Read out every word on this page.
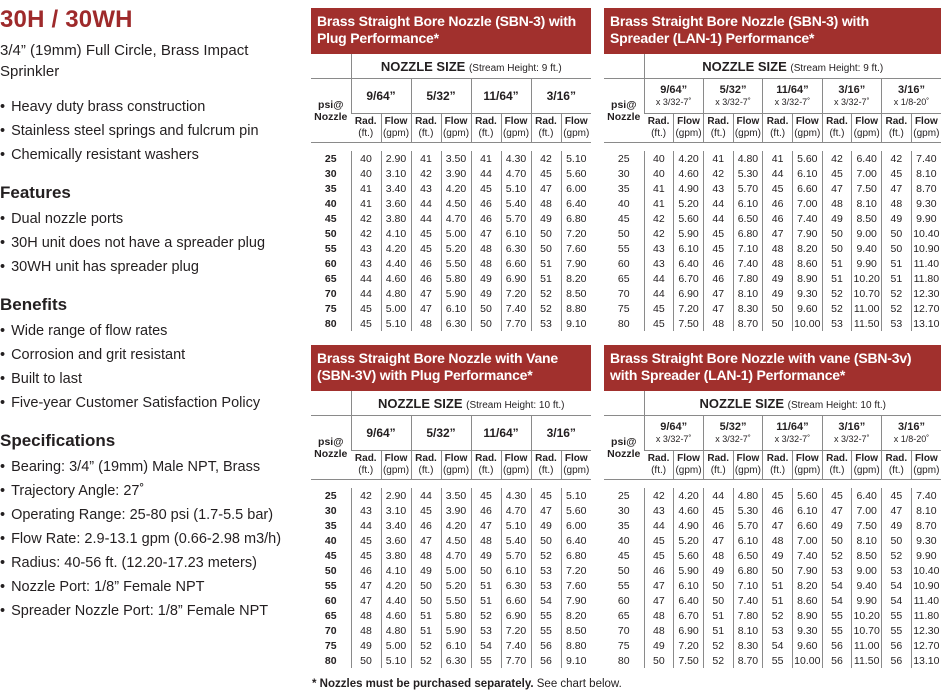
30H / 30WH
3/4” (19mm) Full Circle, Brass Impact Sprinkler
• Heavy duty brass construction
• Stainless steel springs and fulcrum pin
• Chemically resistant washers
Features
• Dual nozzle ports
• 30H unit does not have a spreader plug
• 30WH unit has spreader plug
Benefits
• Wide range of flow rates
• Corrosion and grit resistant
• Built to last
• Five-year Customer Satisfaction Policy
Specifications
• Bearing: 3/4” (19mm) Male NPT, Brass
• Trajectory Angle: 27˚
• Operating Range: 25-80 psi (1.7-5.5 bar)
• Flow Rate: 2.9-13.1 gpm (0.66-2.98 m3/h)
• Radius: 40-56 ft. (12.20-17.23 meters)
• Nozzle Port: 1/8” Female NPT
• Spreader Nozzle Port: 1/8” Female NPT
Brass Straight Bore Nozzle (SBN-3) with
Plug Performance*
	NOZZLE SIZE (Stream Height: 9 ft.)							
psi@
Nozzle	9/64”		5/32”		11/64”		3/16”	
	Rad.
(ft.)	Flow
(gpm)	Rad.
(ft.)	Flow
(gpm)	Rad.
(ft.)	Flow
(gpm)	Rad.
(ft.)	Flow
(gpm)

25	40	2.90	41	3.50	41	4.30	42	5.10
30	40	3.10	42	3.90	44	4.70	45	5.60
35	41	3.40	43	4.20	45	5.10	47	6.00
40	41	3.60	44	4.50	46	5.40	48	6.40
45	42	3.80	44	4.70	46	5.70	49	6.80
50	42	4.10	45	5.00	47	6.10	50	7.20
55	43	4.20	45	5.20	48	6.30	50	7.60
60	43	4.40	46	5.50	48	6.60	51	7.90
65	44	4.60	46	5.80	49	6.90	51	8.20
70	44	4.80	47	5.90	49	7.20	52	8.50
75	45	5.00	47	6.10	50	7.40	52	8.80
80	45	5.10	48	6.30	50	7.70	53	9.10
Brass Straight Bore Nozzle (SBN-3) with
Spreader (LAN-1) Performance*
	NOZZLE SIZE (Stream Height: 9 ft.)									
psi@
Nozzle	9/64”
x 3/32-7˚		5/32”
x 3/32-7˚		11/64”
x 3/32-7˚		3/16”
x 3/32-7˚		3/16”
x 1/8-20˚	

	Rad.
(ft.)	Flow
(gpm)	Rad.
(ft.)	Flow
(gpm)	Rad.
(ft.)	Flow
(gpm)	Rad.
(ft.)	Flow
(gpm)	Rad.
(ft.)	Flow
(gpm)

25	40	4.20	41	4.80	41	5.60	42	6.40	42	7.40
30	40	4.60	42	5.30	44	6.10	45	7.00	45	8.10
35	41	4.90	43	5.70	45	6.60	47	7.50	47	8.70
40	41	5.20	44	6.10	46	7.00	48	8.10	48	9.30
45	42	5.60	44	6.50	46	7.40	49	8.50	49	9.90
50	42	5.90	45	6.80	47	7.90	50	9.00	50	10.40
55	43	6.10	45	7.10	48	8.20	50	9.40	50	10.90
60	43	6.40	46	7.40	48	8.60	51	9.90	51	11.40
65	44	6.70	46	7.80	49	8.90	51	10.20	51	11.80
70	44	6.90	47	8.10	49	9.30	52	10.70	52	12.30
75	45	7.20	47	8.30	50	9.60	52	11.00	52	12.70
80	45	7.50	48	8.70	50	10.00	53	11.50	53	13.10
Brass Straight Bore Nozzle with Vane
(SBN-3V) with Plug Performance*
	NOZZLE SIZE (Stream Height: 10 ft.)							
psi@
Nozzle	9/64”		5/32”		11/64”		3/16”	
	Rad.
(ft.)	Flow
(gpm)	Rad.
(ft.)	Flow
(gpm)	Rad.
(ft.)	Flow
(gpm)	Rad.
(ft.)	Flow
(gpm)

25	42	2.90	44	3.50	45	4.30	45	5.10
30	43	3.10	45	3.90	46	4.70	47	5.60
35	44	3.40	46	4.20	47	5.10	49	6.00
40	45	3.60	47	4.50	48	5.40	50	6.40
45	45	3.80	48	4.70	49	5.70	52	6.80
50	46	4.10	49	5.00	50	6.10	53	7.20
55	47	4.20	50	5.20	51	6.30	53	7.60
60	47	4.40	50	5.50	51	6.60	54	7.90
65	48	4.60	51	5.80	52	6.90	55	8.20
70	48	4.80	51	5.90	53	7.20	55	8.50
75	49	5.00	52	6.10	54	7.40	56	8.80
80	50	5.10	52	6.30	55	7.70	56	9.10
Brass Straight Bore Nozzle with vane (SBN-3v)
with Spreader (LAN-1) Performance*
	NOZZLE SIZE (Stream Height: 10 ft.)									
psi@
Nozzle	9/64”
x 3/32-7˚		5/32”
x 3/32-7˚		11/64”
x 3/32-7˚		3/16”
x 3/32-7˚		3/16”
x 1/8-20˚	

	Rad.
(ft.)	Flow
(gpm)	Rad.
(ft.)	Flow
(gpm)	Rad.
(ft.)	Flow
(gpm)	Rad.
(ft.)	Flow
(gpm)	Rad.
(ft.)	Flow
(gpm)

25	42	4.20	44	4.80	45	5.60	45	6.40	45	7.40
30	43	4.60	45	5.30	46	6.10	47	7.00	47	8.10
35	44	4.90	46	5.70	47	6.60	49	7.50	49	8.70
40	45	5.20	47	6.10	48	7.00	50	8.10	50	9.30
45	45	5.60	48	6.50	49	7.40	52	8.50	52	9.90
50	46	5.90	49	6.80	50	7.90	53	9.00	53	10.40
55	47	6.10	50	7.10	51	8.20	54	9.40	54	10.90
60	47	6.40	50	7.40	51	8.60	54	9.90	54	11.40
65	48	6.70	51	7.80	52	8.90	55	10.20	55	11.80
70	48	6.90	51	8.10	53	9.30	55	10.70	55	12.30
75	49	7.20	52	8.30	54	9.60	56	11.00	56	12.70
80	50	7.50	52	8.70	55	10.00	56	11.50	56	13.10
* Nozzles must be purchased separately. See chart below.
